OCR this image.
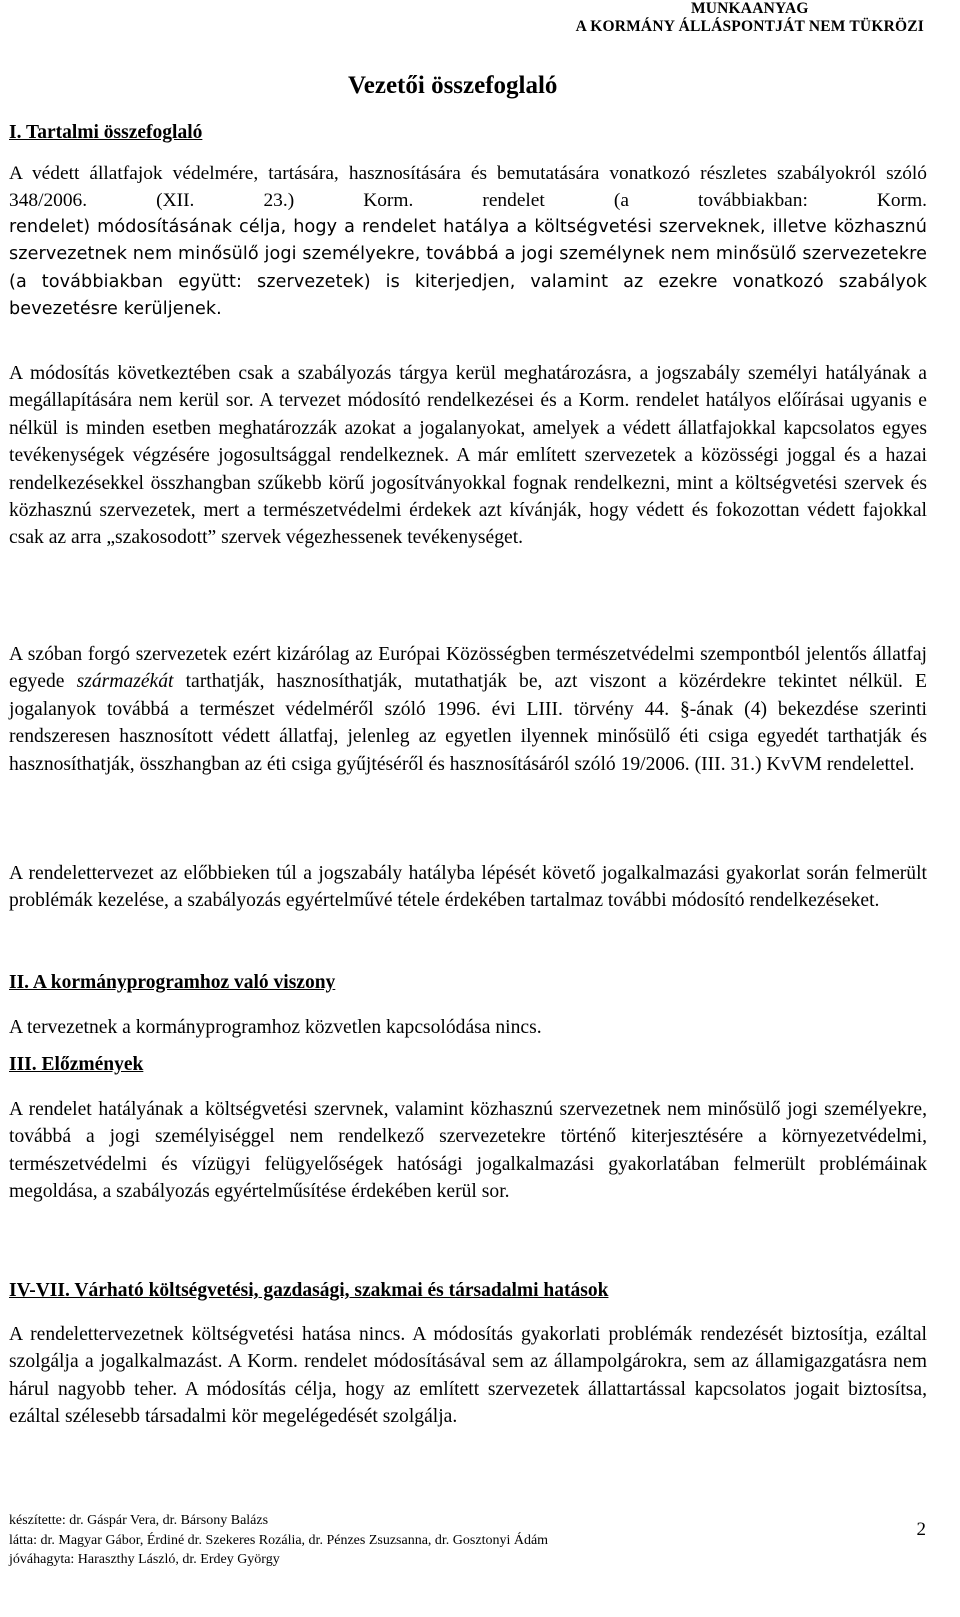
MUNKAANYAG
A KORMÁNY ÁLLÁSPONTJÁT NEM TÜKRÖZI
Vezetői összefoglaló
I. Tartalmi összefoglaló

A védett állatfajok védelmére, tartására, hasznosítására és bemutatására vonatkozó részletes szabályokról szóló 348/2006. (XII. 23.) Korm. rendelet (a továbbiakban: Korm.

rendelet) módosításának célja, hogy a rendelet hatálya a költségvetési szerveknek, illetve közhasznú szervezetnek nem minősülő jogi személyekre, továbbá a jogi személynek nem minősülő szervezetekre (a továbbiakban együtt: szervezetek) is kiterjedjen, valamint az ezekre vonatkozó szabályok bevezetésre kerüljenek.

A módosítás következtében csak a szabályozás tárgya kerül meghatározásra, a jogszabály személyi hatályának a megállapítására nem kerül sor. A tervezet módosító rendelkezései és a Korm. rendelet hatályos előírásai ugyanis e nélkül is minden esetben meghatározzák azokat a jogalanyokat, amelyek a védett állatfajokkal kapcsolatos egyes tevékenységek végzésére jogosultsággal rendelkeznek. A már említett szervezetek a közösségi joggal és a hazai rendelkezésekkel összhangban szűkebb körű jogosítványokkal fognak rendelkezni, mint a költségvetési szervek és közhasznú szervezetek, mert a természetvédelmi érdekek azt kívánják, hogy védett és fokozottan védett fajokkal csak az arra „szakosodott” szervek végezhessenek tevékenységet.

A szóban forgó szervezetek ezért kizárólag az Európai Közösségben természetvédelmi szempontból jelentős állatfaj egyede származékát tarthatják, hasznosíthatják, mutathatják be, azt viszont a közérdekre tekintet nélkül. E jogalanyok továbbá a természet védelméről szóló 1996. évi LIII. törvény 44. §-ának (4) bekezdése szerinti rendszeresen hasznosított védett állatfaj, jelenleg az egyetlen ilyennek minősülő éti csiga egyedét tarthatják és hasznosíthatják, összhangban az éti csiga gyűjtéséről és hasznosításáról szóló 19/2006. (III. 31.) KvVM rendelettel.

A rendelettervezet az előbbieken túl a jogszabály hatályba lépését követő jogalkalmazási gyakorlat során felmerült problémák kezelése, a szabályozás egyértelművé tétele érdekében tartalmaz további módosító rendelkezéseket.

II. A kormányprogramhoz való viszony

A tervezetnek a kormányprogramhoz közvetlen kapcsolódása nincs.

III. Előzmények

A rendelet hatályának a költségvetési szervnek, valamint közhasznú szervezetnek nem minősülő jogi személyekre, továbbá a jogi személyiséggel nem rendelkező szervezetekre történő kiterjesztésére a környezetvédelmi, természetvédelmi és vízügyi felügyelőségek hatósági jogalkalmazási gyakorlatában felmerült problémáinak megoldása, a szabályozás egyértelműsítése érdekében kerül sor.

IV-VII. Várható költségvetési, gazdasági, szakmai és társadalmi hatások

A rendelettervezetnek költségvetési hatása nincs. A módosítás gyakorlati problémák rendezését biztosítja, ezáltal szolgálja a jogalkalmazást. A Korm. rendelet módosításával sem az állampolgárokra, sem az államigazgatásra nem hárul nagyobb teher. A módosítás célja, hogy az említett szervezetek állattartással kapcsolatos jogait biztosítsa, ezáltal szélesebb társadalmi kör megelégedését szolgálja.

készítette: dr. Gáspár Vera, dr. Bársony Balázs
látta: dr. Magyar Gábor, Érdiné dr. Szekeres Rozália, dr. Pénzes Zsuzsanna, dr. Gosztonyi Ádám
jóváhagyta: Haraszthy László, dr. Erdey György
2
